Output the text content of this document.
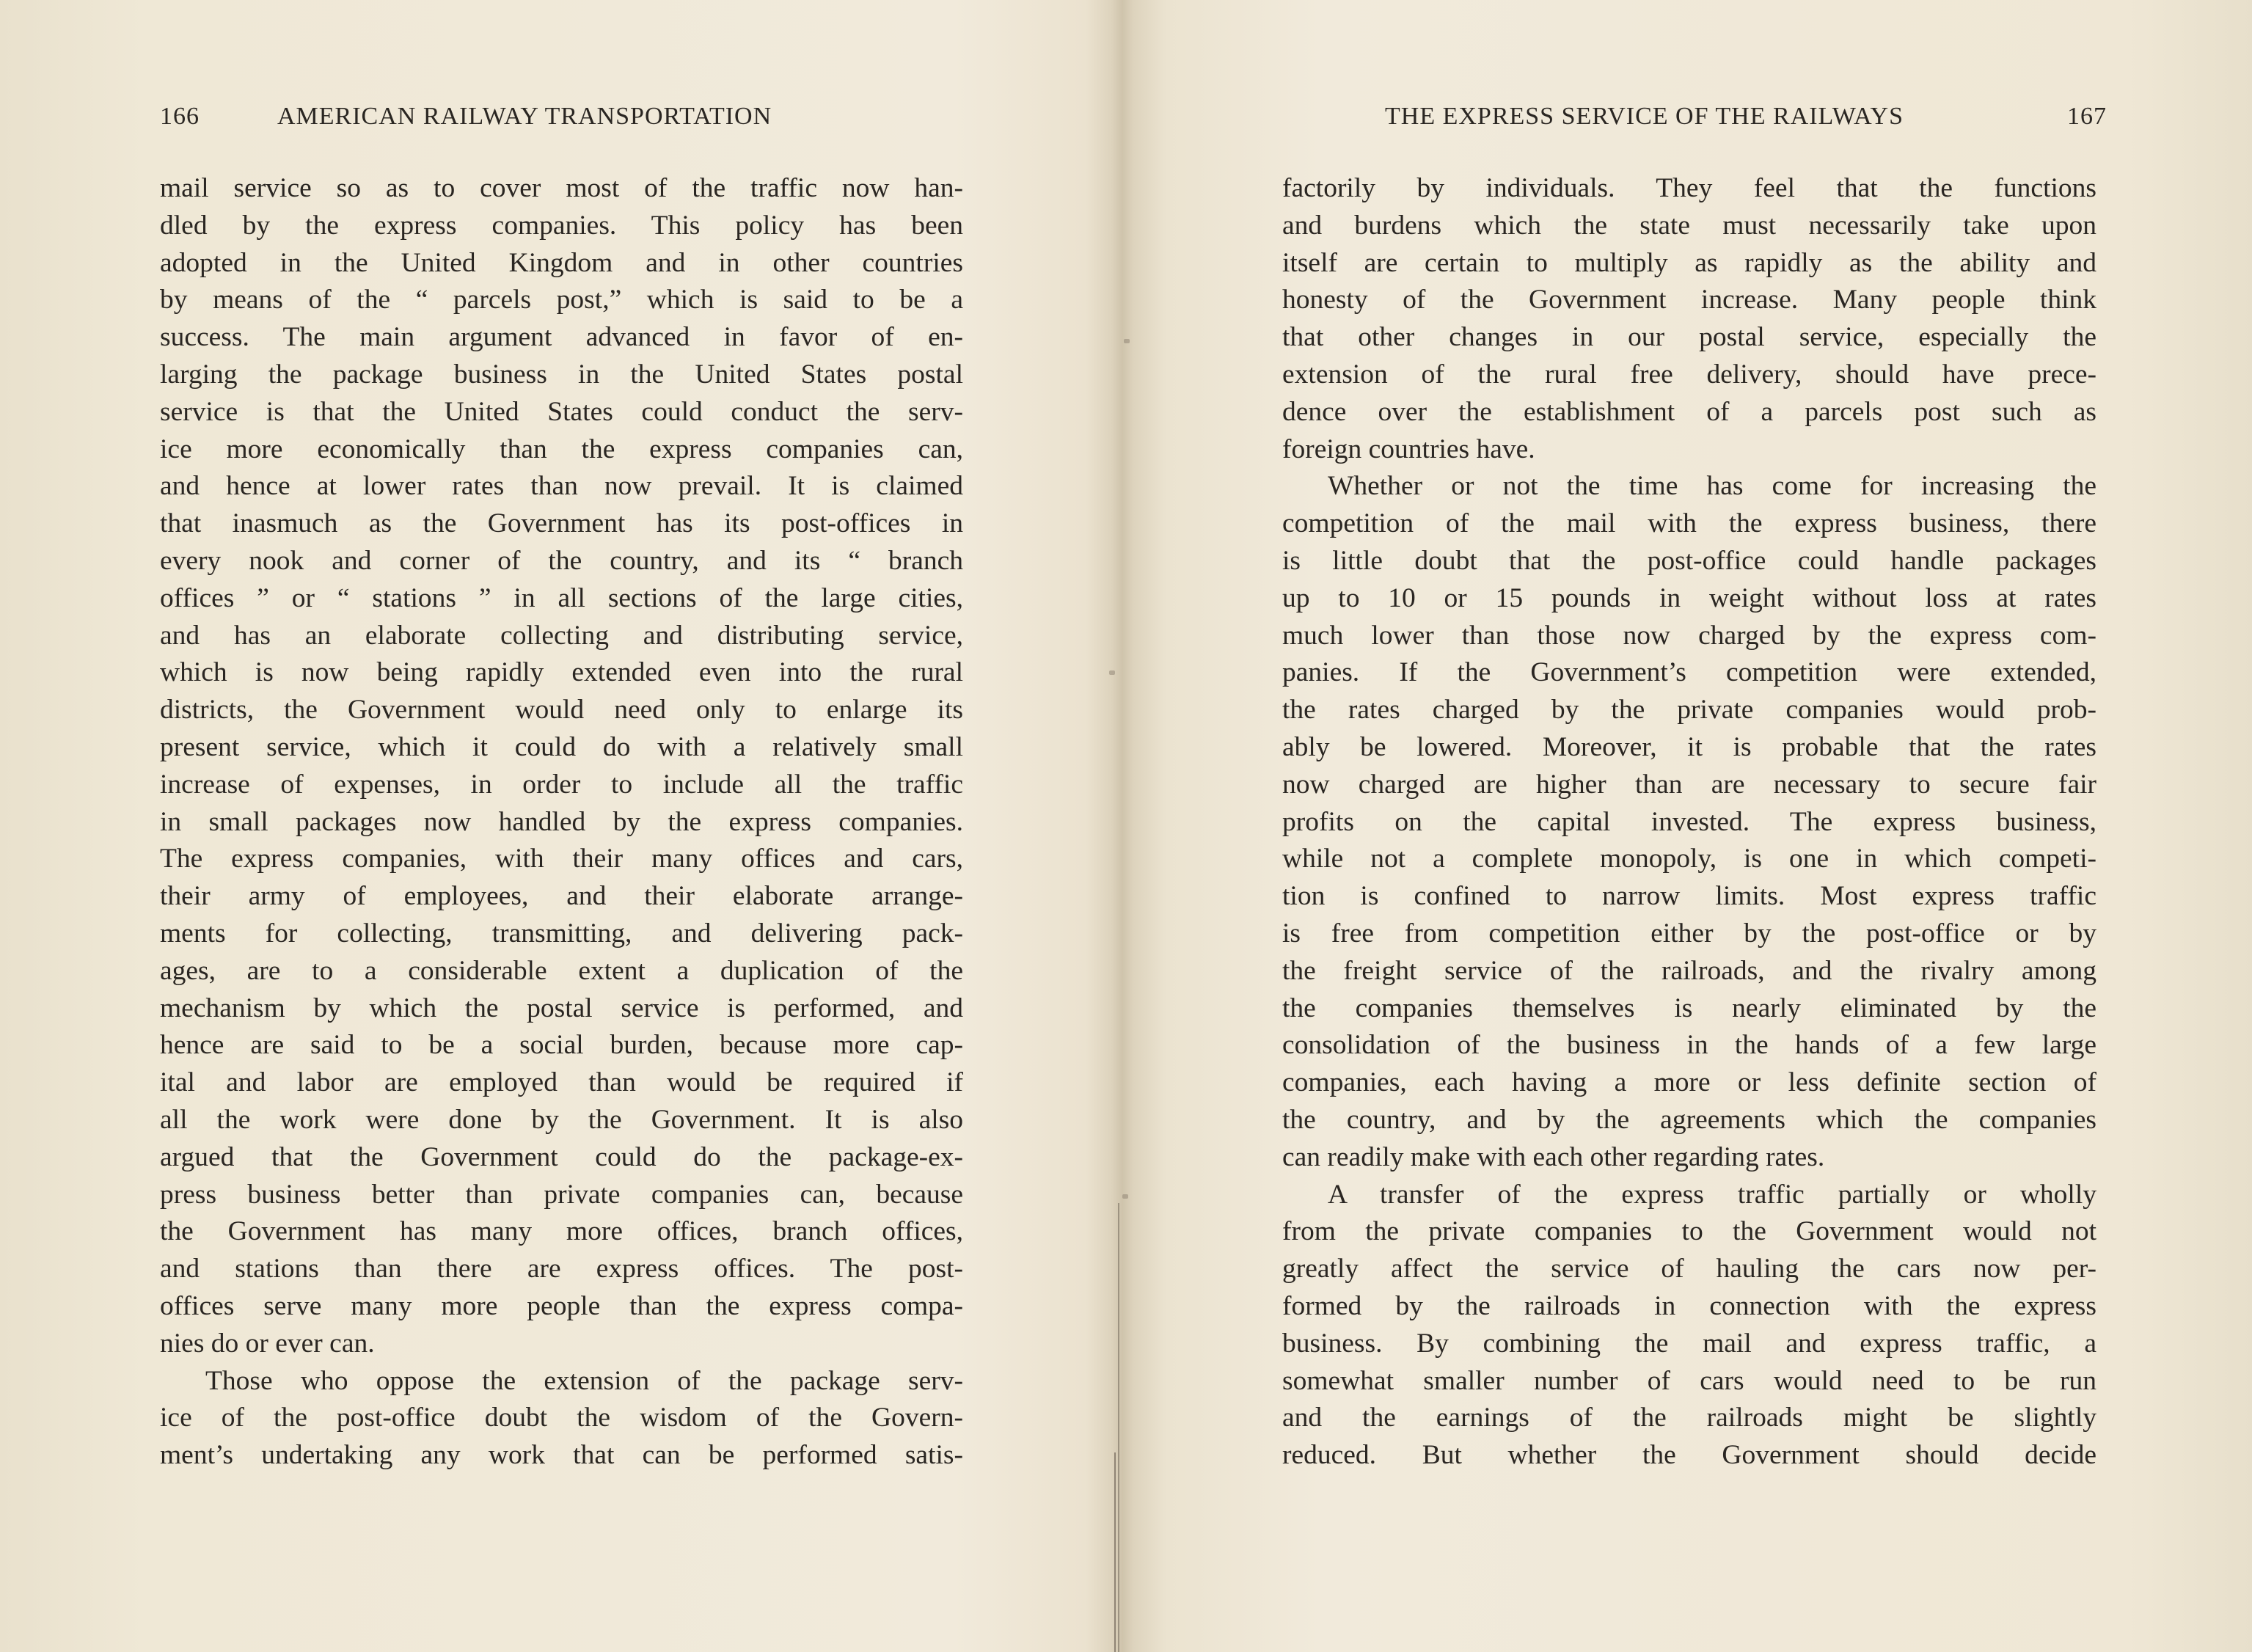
166	AMERICAN RAILWAY TRANSPORTATION
mail service so as to cover most of the traffic now han-
dled by the express companies. This policy has been
adopted in the United Kingdom and in other countries
by means of the “ parcels post,” which is said to be a
success. The main argument advanced in favor of en-
larging the package business in the United States postal
service is that the United States could conduct the serv-
ice more economically than the express companies can,
and hence at lower rates than now prevail. It is claimed
that inasmuch as the Government has its post-offices in
every nook and corner of the country, and its “ branch
offices ” or “ stations ” in all sections of the large cities,
and has an elaborate collecting and distributing service,
which is now being rapidly extended even into the rural
districts, the Government would need only to enlarge its
present service, which it could do with a relatively small
increase of expenses, in order to include all the traffic
in small packages now handled by the express companies.
The express companies, with their many offices and cars,
their army of employees, and their elaborate arrange-
ments for collecting, transmitting, and delivering pack-
ages, are to a considerable extent a duplication of the
mechanism by which the postal service is performed, and
hence are said to be a social burden, because more cap-
ital and labor are employed than would be required if
all the work were done by the Government. It is also
argued that the Government could do the package-ex-
press business better than private companies can, because
the Government has many more offices, branch offices,
and stations than there are express offices. The post-
offices serve many more people than the express compa-
nies do or ever can.
Those who oppose the extension of the package serv-
ice of the post-office doubt the wisdom of the Govern-
ment’s undertaking any work that can be performed satis-
THE EXPRESS SERVICE OF THE RAILWAYS	167
factorily by individuals. They feel that the functions
and burdens which the state must necessarily take upon
itself are certain to multiply as rapidly as the ability and
honesty of the Government increase. Many people think
that other changes in our postal service, especially the
extension of the rural free delivery, should have prece-
dence over the establishment of a parcels post such as
foreign countries have.
Whether or not the time has come for increasing the
competition of the mail with the express business, there
is little doubt that the post-office could handle packages
up to 10 or 15 pounds in weight without loss at rates
much lower than those now charged by the express com-
panies. If the Government’s competition were extended,
the rates charged by the private companies would prob-
ably be lowered. Moreover, it is probable that the rates
now charged are higher than are necessary to secure fair
profits on the capital invested. The express business,
while not a complete monopoly, is one in which competi-
tion is confined to narrow limits. Most express traffic
is free from competition either by the post-office or by
the freight service of the railroads, and the rivalry among
the companies themselves is nearly eliminated by the
consolidation of the business in the hands of a few large
companies, each having a more or less definite section of
the country, and by the agreements which the companies
can readily make with each other regarding rates.
A transfer of the express traffic partially or wholly
from the private companies to the Government would not
greatly affect the service of hauling the cars now per-
formed by the railroads in connection with the express
business. By combining the mail and express traffic, a
somewhat smaller number of cars would need to be run
and the earnings of the railroads might be slightly
reduced. But whether the Government should decide
